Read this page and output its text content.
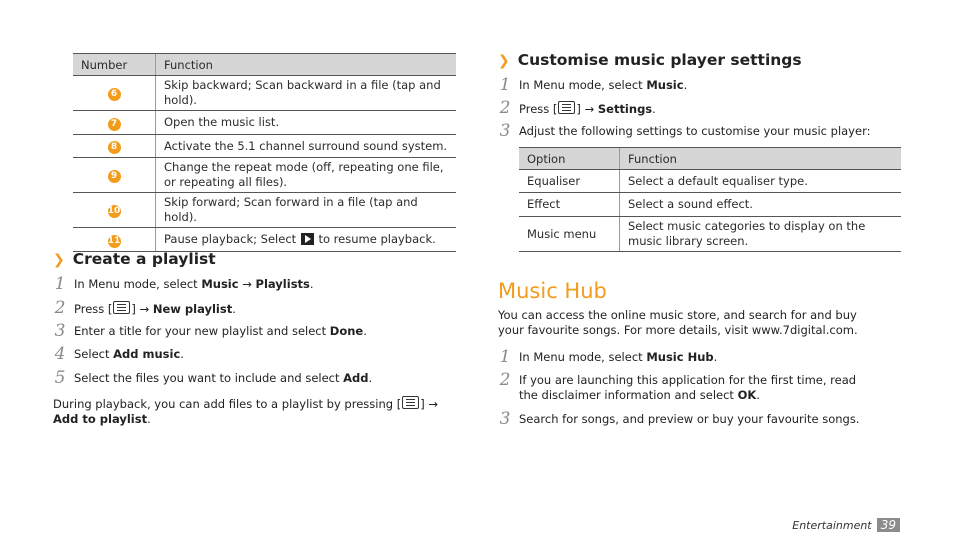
Number	Function
6	Skip backward; Scan backward in a file (tap and hold).
7	Open the music list.
8	Activate the 5.1 channel surround sound system.
9	Change the repeat mode (off, repeating one file, or repeating all files).
10	Skip forward; Scan forward in a file (tap and hold).
11	Pause playback; Select to resume playback.
❯ Create a playlist
1 In Menu mode, select Music → Playlists.
2 Press [ ] → New playlist.
3 Enter a title for your new playlist and select Done.
4 Select Add music.
5 Select the files you want to include and select Add.
During playback, you can add files to a playlist by pressing [ ] → Add to playlist.
❯ Customise music player settings
1 In Menu mode, select Music.
2 Press [ ] → Settings.
3 Adjust the following settings to customise your music player:
Option	Function
Equaliser	Select a default equaliser type.
Effect	Select a sound effect.
Music menu	Select music categories to display on the music library screen.
Music Hub
You can access the online music store, and search for and buy your favourite songs. For more details, visit www.7digital.com.
1 In Menu mode, select Music Hub.
2 If you are launching this application for the first time, read the disclaimer information and select OK.
3 Search for songs, and preview or buy your favourite songs.
Entertainment 39
